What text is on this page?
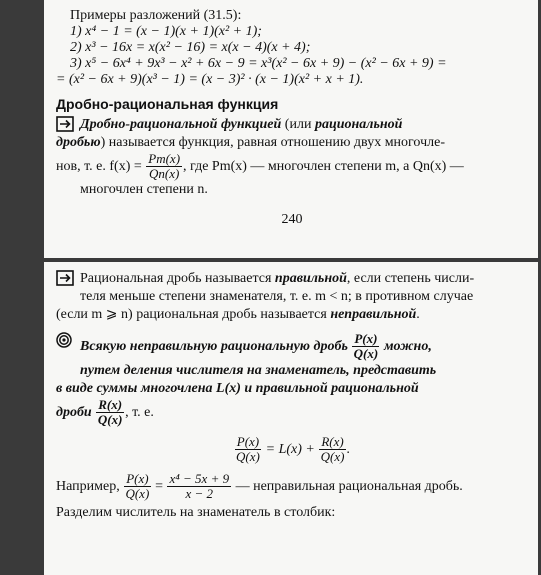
Примеры разложений (31.5):

1) x⁴ − 1 = (x − 1)(x + 1)(x² + 1);

2) x³ − 16x = x(x² − 16) = x(x − 4)(x + 4);

3) x⁵ − 6x⁴ + 9x³ − x² + 6x − 9 = x³(x² − 6x + 9) − (x² − 6x + 9) =

= (x² − 6x + 9)(x³ − 1) = (x − 3)² · (x − 1)(x² + x + 1).

Дробно-рациональная функция

Дробно-рациональной функцией (или рациональной

дробью) называется функция, равная отношению двух многочле-

нов, т. е. $f(x) = \frac{Pm(x)}{Qn(x)}$ , где Pm(x) — многочлен степени m, а Qn(x) —

многочлен степени n.

240

Рациональная дробь называется правильной, если степень числи-

теля меньше степени знаменателя, т. е. m < n; в противном случае

(если m ⩾ n) рациональная дробь называется неправильной.

Всякую неправильную рациональную дробь $\frac{P(x)}{Q(x)}$ можно,

путем деления числителя на знаменатель, представить

в виде суммы многочлена L(x) и правильной рациональной

дроби $\frac{R(x)}{Q(x)}$ , т. е.

$\frac{P(x)}{Q(x)} = L(x) + \frac{R(x)}{Q(x)}$ .

Например, $\frac{P(x)}{Q(x)} = \frac{\text{x⁴ − 5x + 9}}{x - 2}$ — неправильная рациональная дробь.

Разделим числитель на знаменатель в столбик:
